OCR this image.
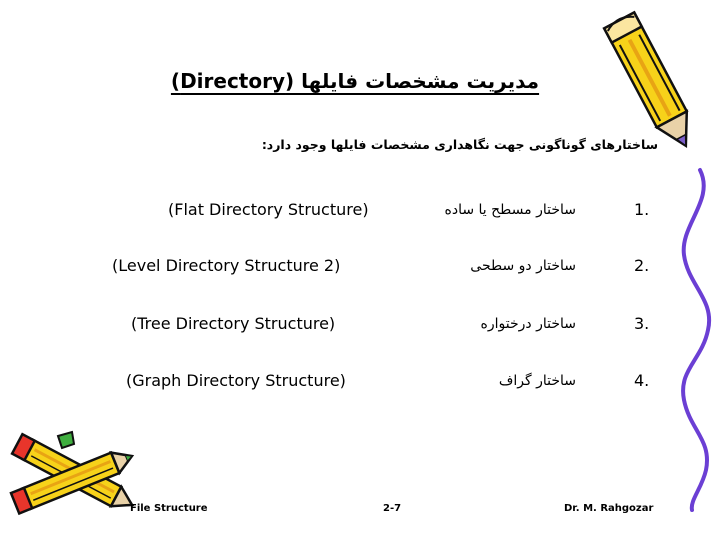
مدیریت مشخصات فایلها (Directory)
ساختارهای گوناگونی جهت نگاهداری مشخصات فایلها وجود دارد:
1.
ساختار مسطح یا ساده
(Flat Directory Structure)
2.
ساختار دو سطحی
(Level Directory Structure 2)
3.
ساختار درختواره
(Tree Directory Structure)
4.
ساختار گراف
(Graph Directory Structure)
File Structure	2-7	Dr. M. Rahgozar
